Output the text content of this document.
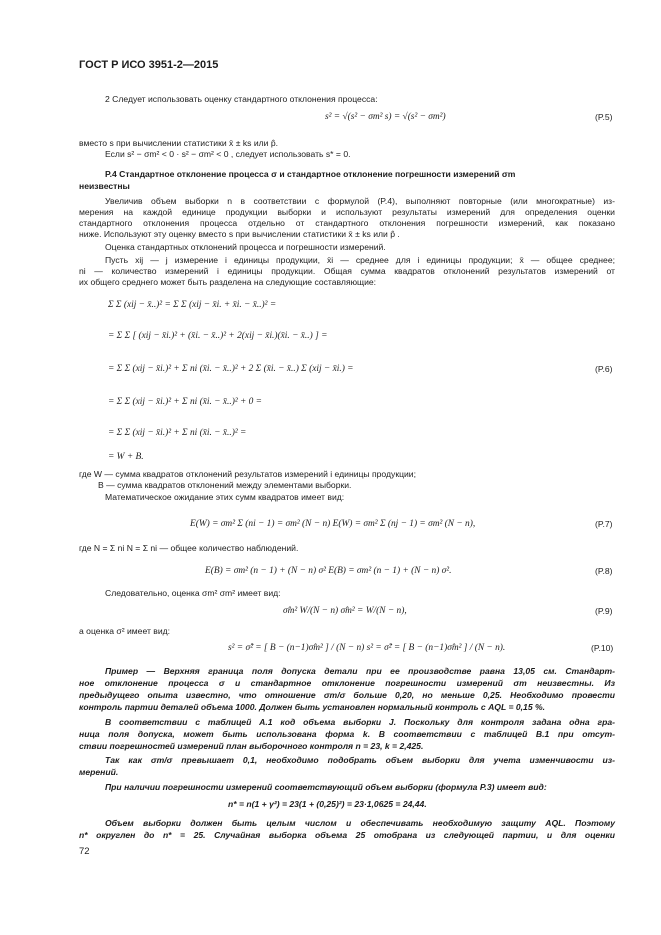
ГОСТ Р ИСО 3951-2—2015
2 Следует использовать оценку стандартного отклонения процесса:
s² = √(s² − σm² s) = √(s² − σm²)	(P.5)
вместо s при вычислении статистики x̄ ± ks или p̂.
Если s² − σm² < 0 · s² − σm² < 0 , следует использовать s* = 0.
P.4 Стандартное отклонение процесса σ и стандартное отклонение погрешности измерений σm
неизвестны
Увеличив объем выборки n в соответствии с формулой (P.4), выполняют повторные (или многократные) из-
мерения на каждой единице продукции выборки и используют результаты измерений для определения оценки
стандартного отклонения процесса отдельно от стандартного отклонения погрешности измерений, как показано
ниже. Используют эту оценку вместо s при вычислении статистики x̄ ± ks или p̂ .
Оценка стандартных отклонений процесса и погрешности измерений.
Пусть xij — j измерение i единицы продукции, x̄i — среднее для i единицы продукции; x̄ — общее среднее;
ni — количество измерений i единицы продукции. Общая сумма квадратов отклонений результатов измерений от
их общего среднего может быть разделена на следующие составляющие:
Σ Σ (xij − x̄..)² = Σ Σ (xij − x̄i. + x̄i. − x̄..)² =
= Σ Σ [ (xij − x̄i.)² + (x̄i. − x̄..)² + 2(xij − x̄i.)(x̄i. − x̄..) ] =
= Σ Σ (xij − x̄i.)² + Σ ni (x̄i. − x̄..)² + 2 Σ (x̄i. − x̄..) Σ (xij − x̄i.) =	(P.6)
= Σ Σ (xij − x̄i.)² + Σ ni (x̄i. − x̄..)² + 0 =
= Σ Σ (xij − x̄i.)² + Σ ni (x̄i. − x̄..)² =
= W + B.
где W — сумма квадратов отклонений результатов измерений i единицы продукции;
B — сумма квадратов отклонений между элементами выборки.
Математическое ожидание этих сумм квадратов имеет вид:
E(W) = σm² Σ (ni − 1) = σm² (N − n) E(W) = σm² Σ (nj − 1) = σm² (N − n),	(P.7)
где N = Σ ni N = Σ ni — общее количество наблюдений.
E(B) = σm² (n − 1) + (N − n) σ² E(B) = σm² (n − 1) + (N − n) σ².	(P.8)
Следовательно, оценка σm² σm² имеет вид:
σ̂m² W/(N − n) σ̂m² = W/(N − n),	(P.9)
а оценка σ² имеет вид:
s² = σ̂² = [ B − (n−1)σ̂m² ] / (N − n) s² = σ̂² = [ B − (n−1)σ̂m² ] / (N − n).	(P.10)
Пример — Верхняя граница поля допуска детали при ее производстве равна 13,05 см. Стандарт-
ное отклонение процесса σ и стандартное отклонение погрешности измерений σm неизвестны. Из
предыдущего опыта известно, что отношение σm/σ больше 0,20, но меньше 0,25. Необходимо провести
контроль партии деталей объема 1000. Должен быть установлен нормальный контроль с AQL = 0,15 %.
В соответствии с таблицей А.1 код объема выборки J. Поскольку для контроля задана одна гра-
ница поля допуска, может быть использована форма k. В соответствии с таблицей В.1 при отсут-
ствии погрешностей измерений план выборочного контроля n = 23, k = 2,425.
Так как σm/σ превышает 0,1, необходимо подобрать объем выборки для учета изменчивости из-
мерений.
При наличии погрешности измерений соответствующий объем выборки (формула P.3) имеет вид:
n* = n(1 + γ²) = 23(1 + (0,25)²) = 23·1,0625 = 24,44.
Объем выборки должен быть целым числом и обеспечивать необходимую защиту AQL. Поэтому
n* округлен до n* = 25. Случайная выборка объема 25 отобрана из следующей партии, и для оценки
72
